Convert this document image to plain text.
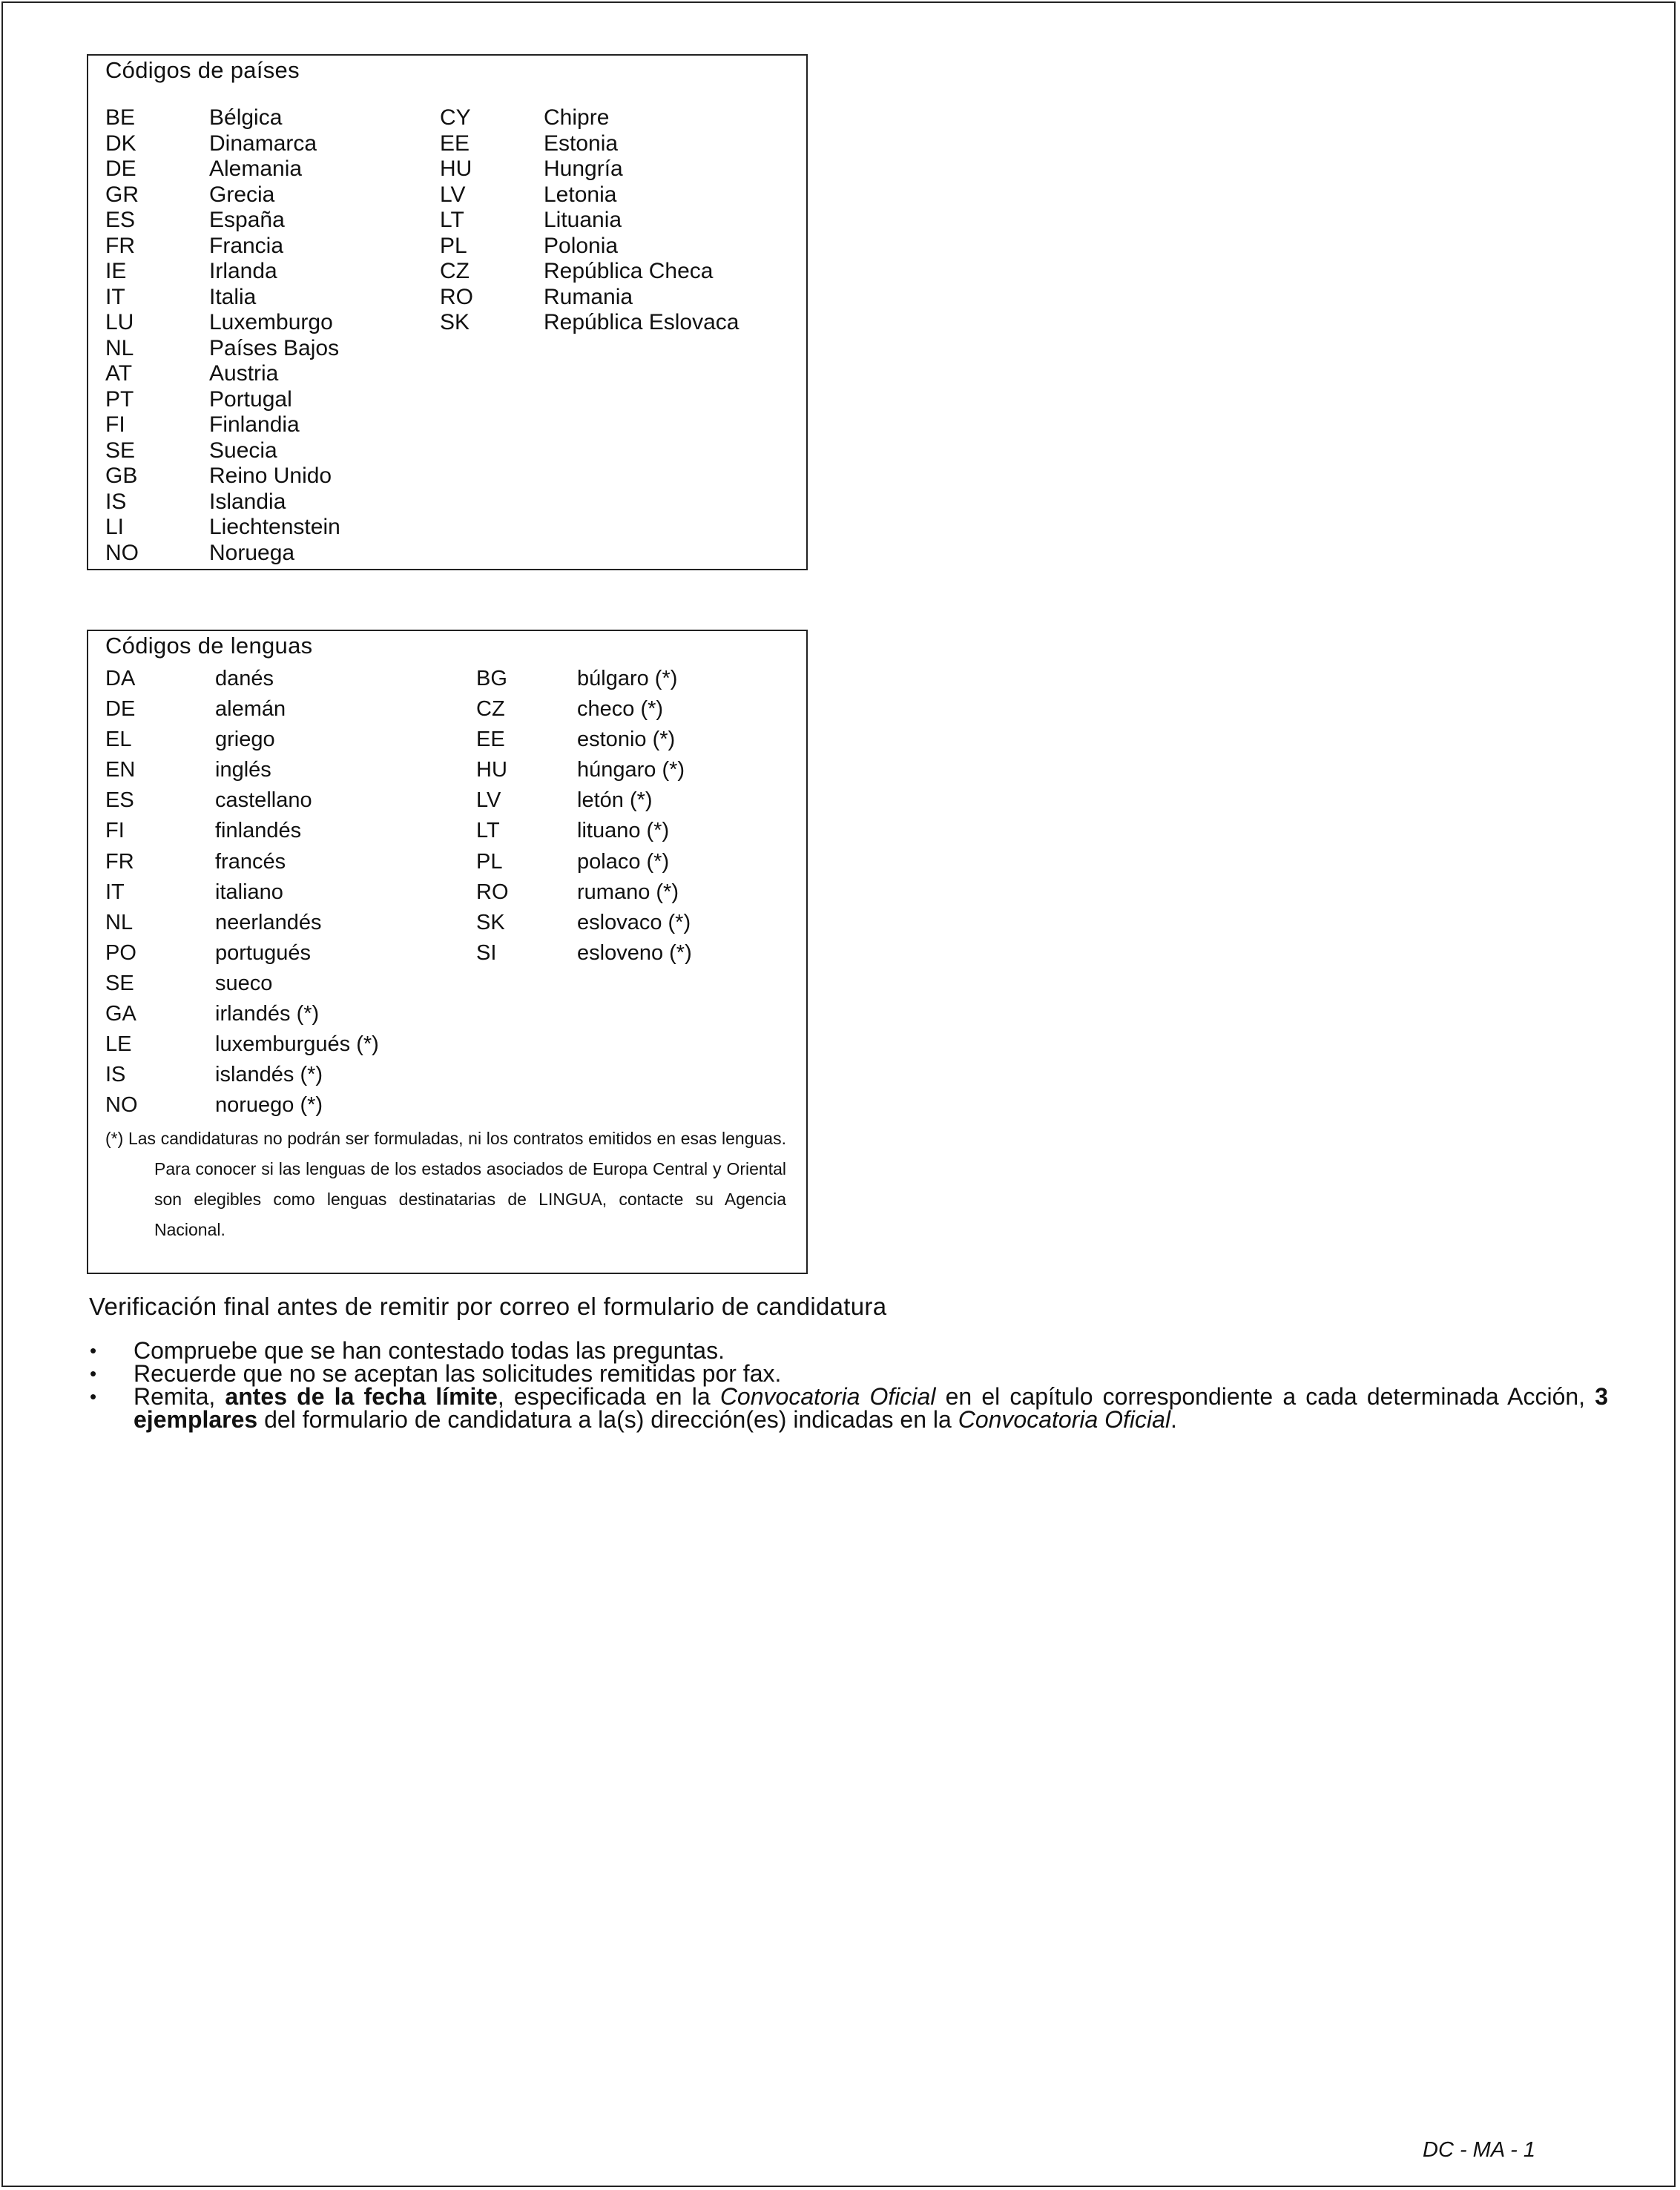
Códigos de países
BE	Bélgica
DK	Dinamarca
DE	Alemania
GR	Grecia
ES	España
FR	Francia
IE	Irlanda
IT	Italia
LU	Luxemburgo
NL	Países Bajos
AT	Austria
PT	Portugal
FI	Finlandia
SE	Suecia
GB	Reino Unido
IS	Islandia
LI	Liechtenstein
NO	Noruega
CY	Chipre
EE	Estonia
HU	Hungría
LV	Letonia
LT	Lituania
PL	Polonia
CZ	República Checa
RO	Rumania
SK	República Eslovaca
Códigos de lenguas
DA	danés
DE	alemán
EL	griego
EN	inglés
ES	castellano
FI	finlandés
FR	francés
IT	italiano
NL	neerlandés
PO	portugués
SE	sueco
GA	irlandés (*)
LE	luxemburgués (*)
IS	islandés (*)
NO	noruego (*)
BG	búlgaro (*)
CZ	checo (*)
EE	estonio (*)
HU	húngaro (*)
LV	letón (*)
LT	lituano (*)
PL	polaco (*)
RO	rumano (*)
SK	eslovaco (*)
SI	esloveno (*)
(*) Las candidaturas no podrán ser formuladas, ni los contratos emitidos en esas lenguas. Para conocer si las lenguas de los estados asociados de Europa Central y Oriental son elegibles como lenguas destinatarias de LINGUA, contacte su Agencia Nacional.
Verificación final antes de remitir por correo el formulario de candidatura
• Compruebe que se han contestado todas las preguntas.
• Recuerde que no se aceptan las solicitudes remitidas por fax.
• Remita, antes de la fecha límite, especificada en la Convocatoria Oficial en el capítulo correspondiente a cada determinada Acción, 3 ejemplares del formulario de candidatura a la(s) dirección(es) indicadas en la Convocatoria Oficial.
DC - MA - 1
